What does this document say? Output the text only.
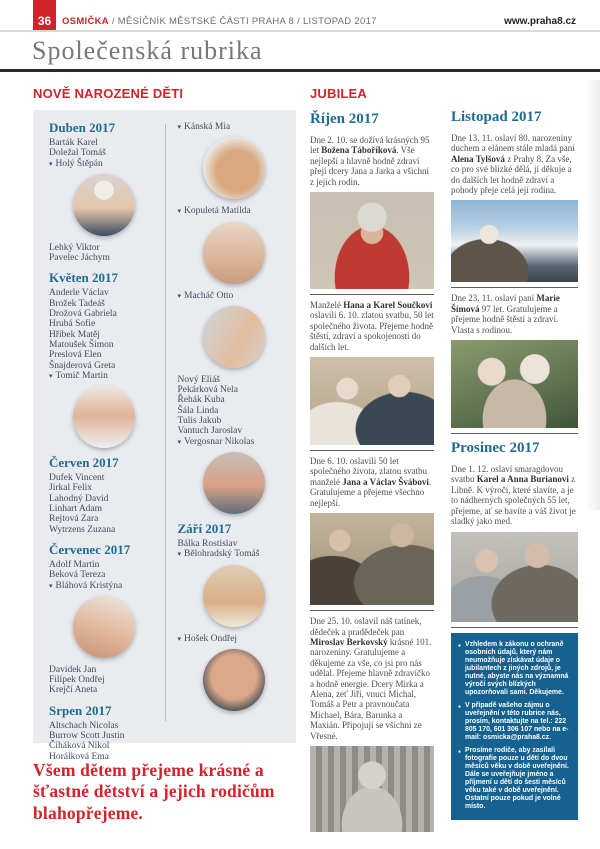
36	OSMIČKA / MĚSÍČNÍK MĚSTSKÉ ČÁSTI PRAHA 8 / LISTOPAD 2017	www.praha8.cz
Společenská rubrika
NOVĚ NAROZENÉ DĚTI
Duben 2017
Barták Karel
Doležal Tomáš
▾
Holý Štěpán
Lehký Viktor
Pavelec Jáchym
Květen 2017
Anderle Václav
Brožek Tadeáš
Drožová Gabriela
Hrubá Sofie
Hříbek Matěj
Matoušek Šimon
Preslová Elen
Šnajderová Greta
▾
Tomič Martin
Červen 2017
Dufek Vincent
Jirkal Felix
Lahodný David
Linhart Adam
Rejtová Zara
Wytrzens Zuzana
Červenec 2017
Adolf Martin
Beková Tereza
▾
Bláhová Kristýna
Davídek Jan
Filípek Ondřej
Krejčí Aneta
Srpen 2017
Altschach Nicolas
Burrow Scott Justin
Čiháková Nikol
Horálková Ema
▾
Kánská Mia
▾
Kopuletá Matilda
▾
Macháč Otto
Nový Eliáš
Pekárková Nela
Řehák Kuba
Šála Linda
Tulis Jakub
Vantuch Jaroslav
▾
Vergosnar Nikolas
Září 2017
Bálka Rostislav
▾
Bělohradský Tomáš
▾
Hošek Ondřej
Všem dětem přejeme krásné a šťastné dětství a jejich rodičům blahopřejeme.
JUBILEA
Říjen 2017

Dne 2. 10. se dožívá krásných 95 let Božena Táboříková. Vše nejlepší a hlavně hodně zdraví přejí dcery Jana a Jarka a všichni z jejich rodin.

Manželé Hana a Karel Součkovi oslavili 6. 10. zlatou svatbu, 50 let společného života. Přejeme hodně štěstí, zdraví a spokojenosti do dalších let.

Dne 6. 10. oslavili 50 let společného života, zlatou svatbu manželé Jana a Václav Švábovi. Gratulujeme a přejeme všechno nejlepší.

Dne 25. 10. oslavil náš tatínek, dědeček a pradědeček pan Miroslav Berkovský krásné 101. narozeniny. Gratulujeme a děkujeme za vše, co jsi pro nás udělal. Přejeme hlavně zdravíčko a hodně energie. Dcery Mirka a Alena, zeť Jiří, vnuci Michal, Tomáš a Petr a pravnoučata Michael, Bára, Barunka a Maxián. Připojují se všichni ze Vřesné.

Listopad 2017

Dne 13. 11. oslaví 80. narozeniny duchem a elánem stále mladá paní Alena Tylšová z Prahy 8. Za vše, co pro své blízké dělá, jí děkuje a do dalších let hodně zdraví a pohody přeje celá její rodina.

Dne 23. 11. oslaví paní Marie Šímová 97 let. Gratulujeme a přejeme hodně štěstí a zdraví. Vlasta s rodinou.

Prosinec 2017

Dne 1. 12. oslaví smaragdovou svatbu Karel a Anna Burianovi z Libně. K výročí, které slavíte, a je to nádherných společných 55 let, přejeme, ať se bavíte a váš život je sladký jako med.

● Vzhledem k zákonu o ochraně osobních údajů, který nám neumožňuje získávat údaje o jubilantech z jiných zdrojů, je nutné, abyste nás na významná výročí svých blízkých upozorňovali sami. Děkujeme.
● V případě vašeho zájmu o uveřejnění v této rubrice nás, prosím, kontaktujte na tel.: 222 805 170, 601 306 107 nebo na e-mail: osmicka@praha8.cz.
● Prosíme rodiče, aby zasílali fotografie pouze u dětí do dvou měsíců věku v době uveřejnění. Dále se uveřejňuje jméno a příjmení u dětí do šesti měsíců věku také v době uveřejnění. Ostatní pouze pokud je volné místo.
